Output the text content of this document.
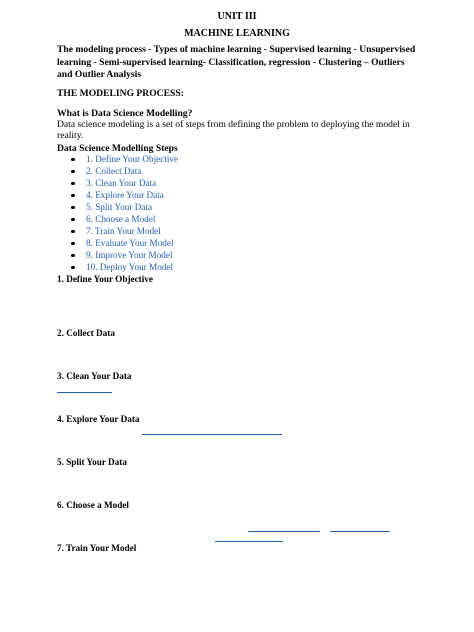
UNIT III
MACHINE LEARNING
The modeling process - Types of machine learning - Supervised learning - Unsupervised learning - Semi-supervised learning- Classification, regression - Clustering – Outliers and Outlier Analysis
THE MODELING PROCESS:
What is Data Science Modelling?
Data science modeling is a set of steps from defining the problem to deploying the model in reality.
Data Science Modelling Steps
1. Define Your Objective
2. Collect Data
3. Clean Your Data
4. Explore Your Data
5. Split Your Data
6. Choose a Model
7. Train Your Model
8. Evaluate Your Model
9. Improve Your Model
10. Deploy Your Model
1. Define Your Objective
2. Collect Data
3. Clean Your Data
4. Explore Your Data
5. Split Your Data
6. Choose a Model
7. Train Your Model
